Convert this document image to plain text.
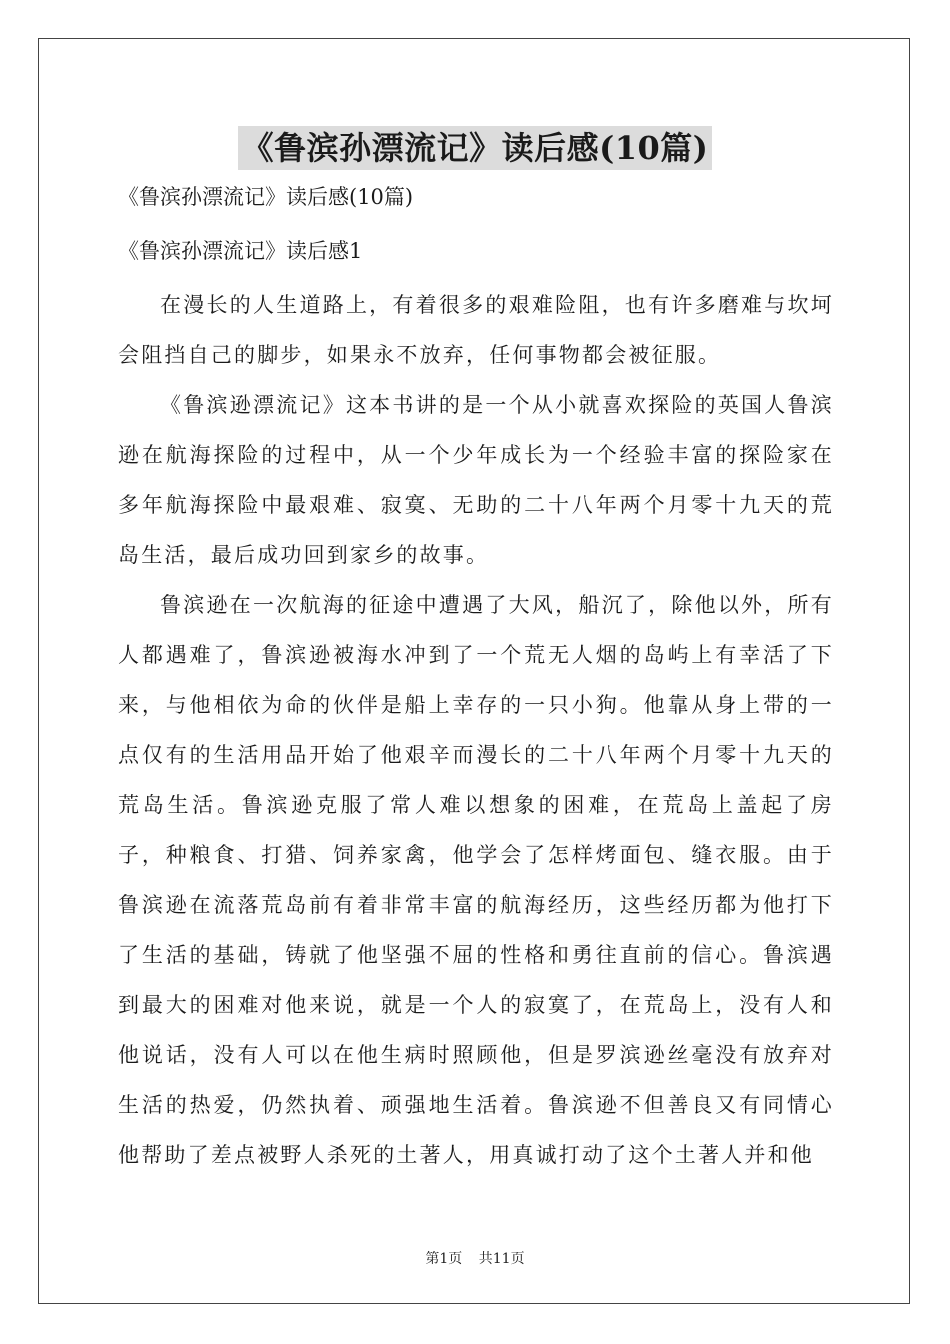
《鲁滨孙漂流记》读后感(10篇)

《鲁滨孙漂流记》读后感(10篇)

《鲁滨孙漂流记》读后感1

在漫长的人生道路上，有着很多的艰难险阻，也有许多磨难与坎坷会阻挡自己的脚步，如果永不放弃，任何事物都会被征服。

《鲁滨逊漂流记》这本书讲的是一个从小就喜欢探险的英国人鲁滨逊在航海探险的过程中，从一个少年成长为一个经验丰富的探险家在多年航海探险中最艰难、寂寞、无助的二十八年两个月零十九天的荒岛生活，最后成功回到家乡的故事。

鲁滨逊在一次航海的征途中遭遇了大风，船沉了，除他以外，所有人都遇难了，鲁滨逊被海水冲到了一个荒无人烟的岛屿上有幸活了下来，与他相依为命的伙伴是船上幸存的一只小狗。他靠从身上带的一点仅有的生活用品开始了他艰辛而漫长的二十八年两个月零十九天的荒岛生活。鲁滨逊克服了常人难以想象的困难，在荒岛上盖起了房子，种粮食、打猎、饲养家禽，他学会了怎样烤面包、缝衣服。由于鲁滨逊在流落荒岛前有着非常丰富的航海经历，这些经历都为他打下了生活的基础，铸就了他坚强不屈的性格和勇往直前的信心。鲁滨遇到最大的困难对他来说，就是一个人的寂寞了，在荒岛上，没有人和他说话，没有人可以在他生病时照顾他，但是罗滨逊丝毫没有放弃对生活的热爱，仍然执着、顽强地生活着。鲁滨逊不但善良又有同情心他帮助了差点被野人杀死的土著人，用真诚打动了这个土著人并和他

第1页 共11页
